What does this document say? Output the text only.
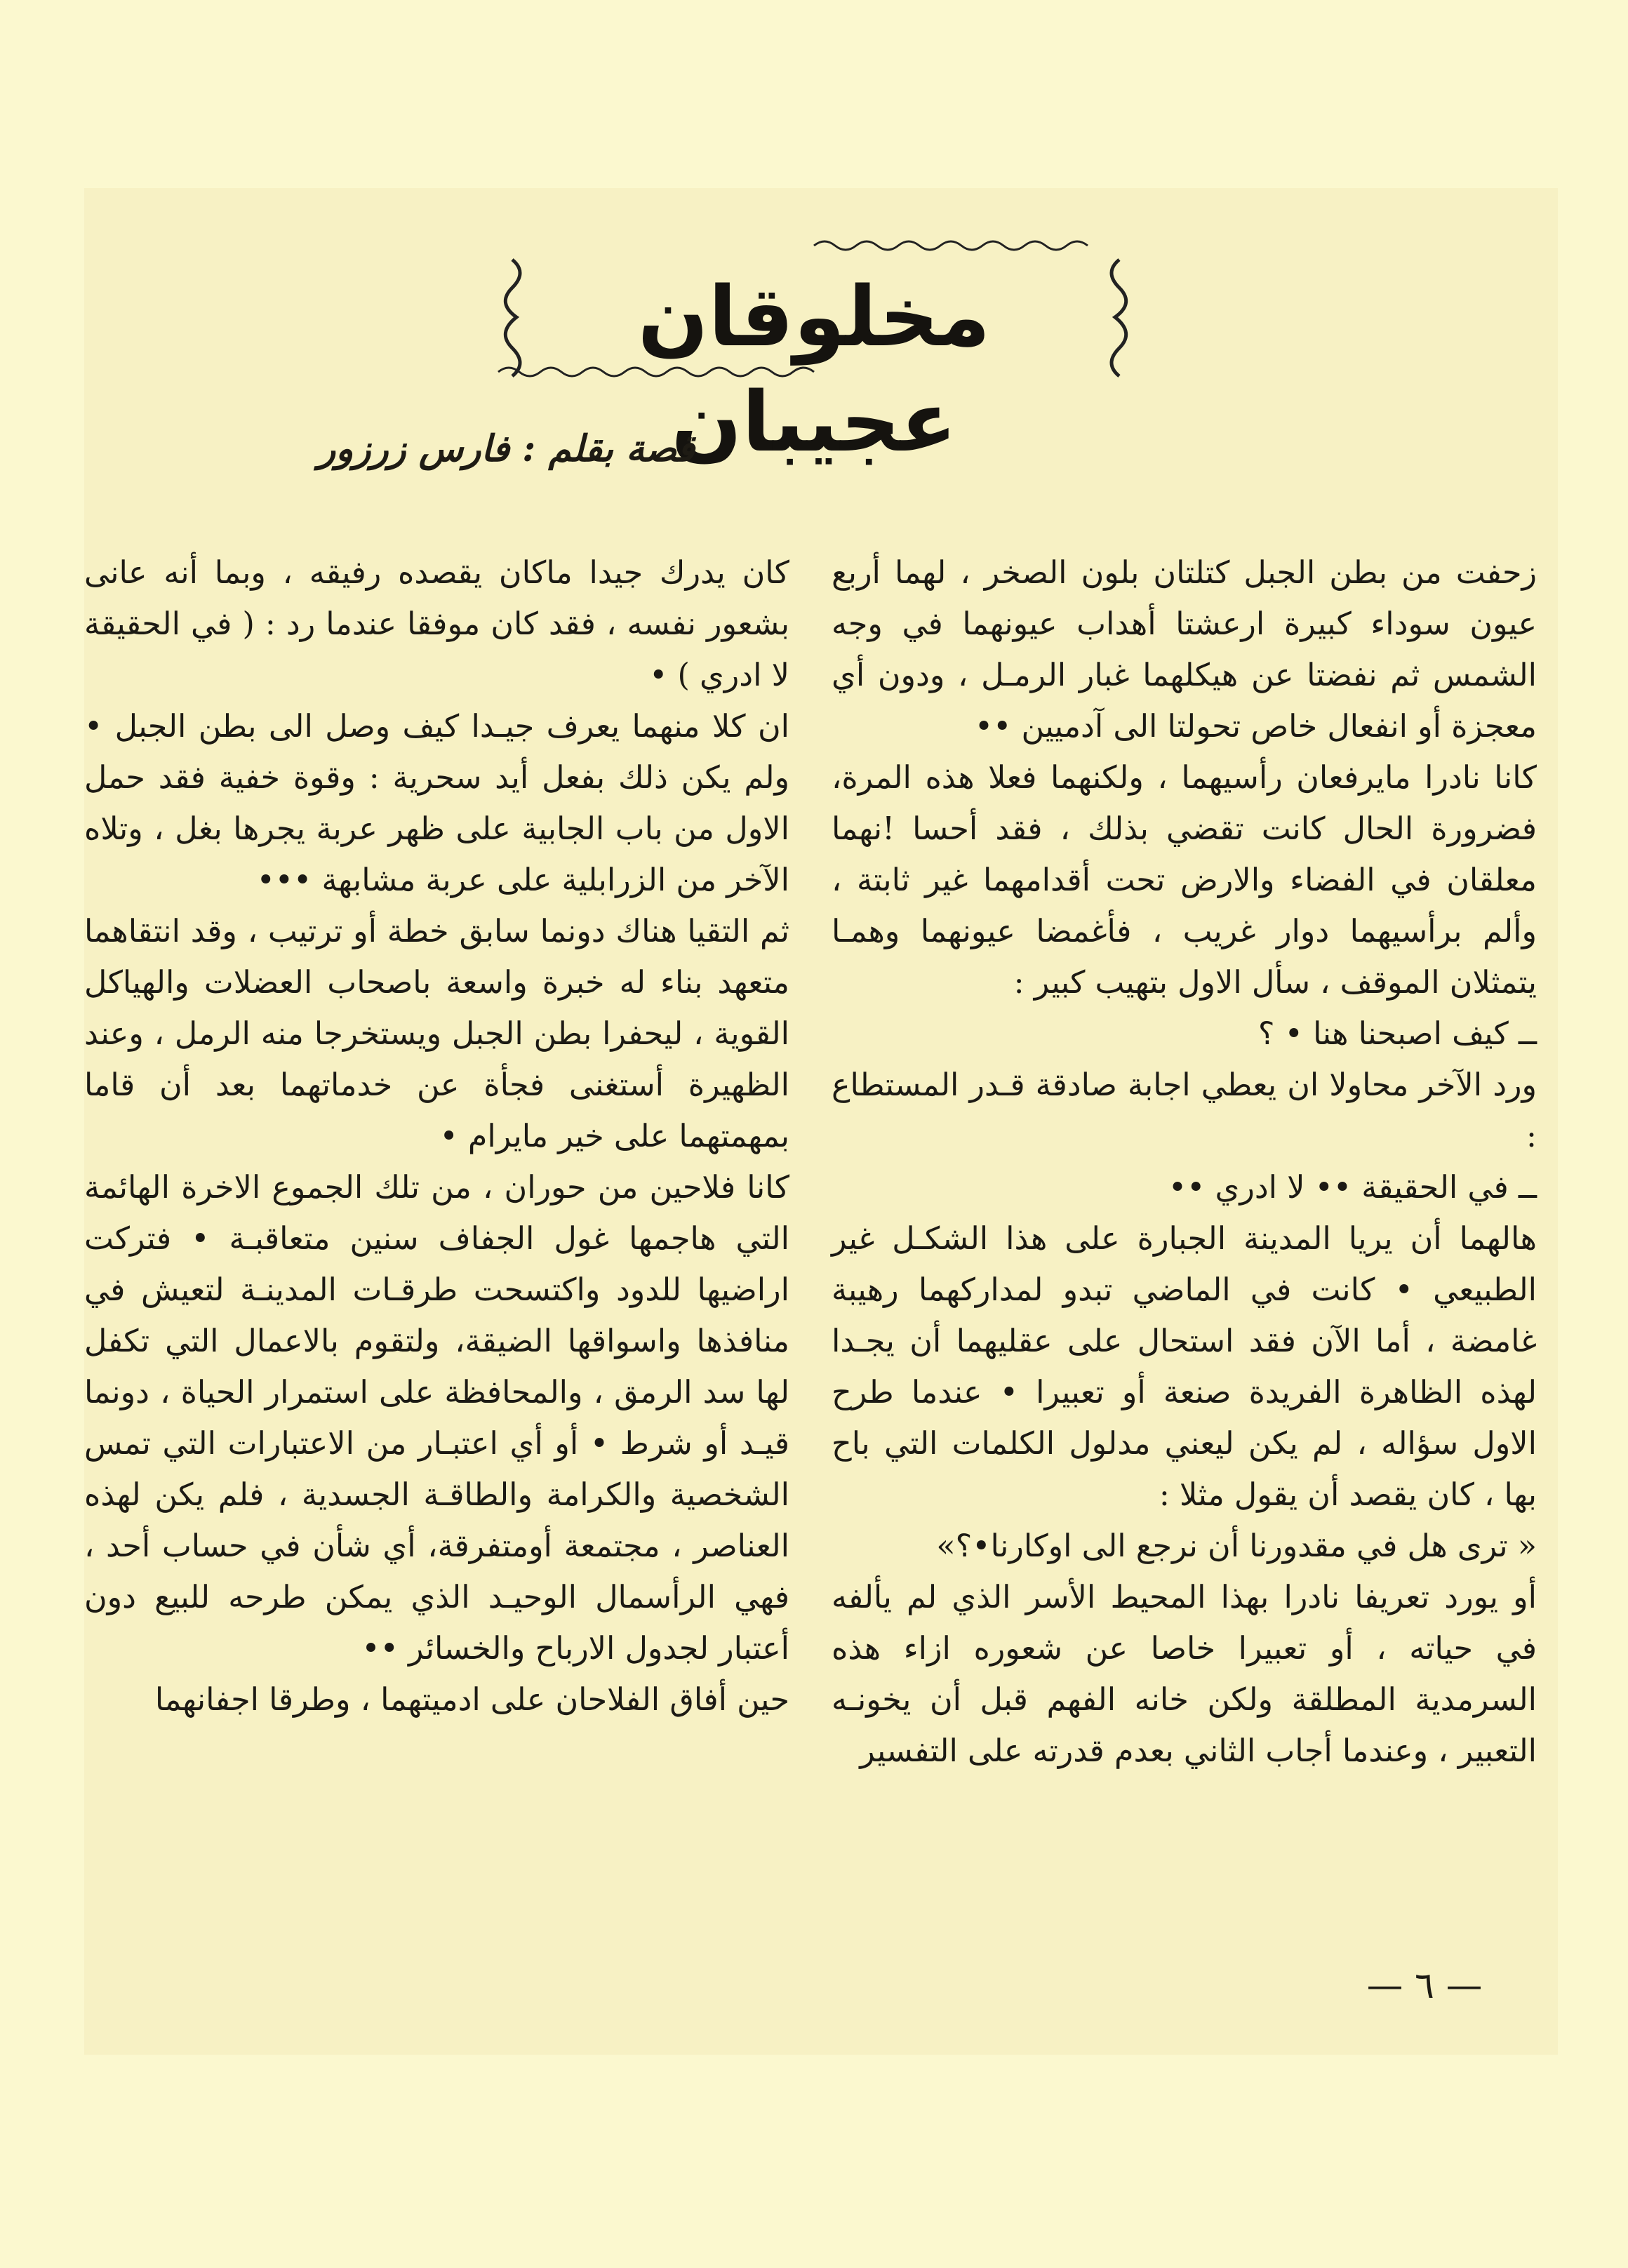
مخلوقان عجيبان
قصة بقلم : فارس زرزور

زحفت من بطن الجبل كتلتان بلون الصخر ، لهما أربع عيون سوداء كبيرة ارعشتا أهداب عيونهما في وجه الشمس ثم نفضتا عن هيكلهما غبار الرمـل ، ودون أي معجزة أو انفعال خاص تحولتا الى آدميين ••

كانا نادرا مايرفعان رأسيهما ، ولكنهما فعلا هذه المرة، فضرورة الحال كانت تقضي بذلك ، فقد أحسا !نهما معلقان في الفضاء والارض تحت أقدامهما غير ثابتة ، وألم برأسيهما دوار غريب ، فأغمضا عيونهما وهمـا يتمثلان الموقف ، سأل الاول بتهيب كبير :

ــ كيف اصبحنا هنا • ؟

ورد الآخر محاولا ان يعطي اجابة صادقة قـدر المستطاع :

ــ في الحقيقة •• لا ادري ••

هالهما أن يريا المدينة الجبارة على هذا الشكـل غير الطبيعي • كانت في الماضي تبدو لمداركهما رهيبة غامضة ، أما الآن فقد استحال على عقليهما أن يجـدا لهذه الظاهرة الفريدة صنعة أو تعبيرا • عندما طرح الاول سؤاله ، لم يكن ليعني مدلول الكلمات التي باح بها ، كان يقصد أن يقول مثلا :

« ترى هل في مقدورنا أن نرجع الى اوكارنا•؟»

أو يورد تعريفا نادرا بهذا المحيط الأسر الذي لم يألفه في حياته ، أو تعبيرا خاصا عن شعوره ازاء هذه السرمدية المطلقة ولكن خانه الفهم قبل أن يخونـه التعبير ، وعندما أجاب الثاني بعدم قدرته على التفسير

كان يدرك جيدا ماكان يقصده رفيقه ، وبما أنه عانى بشعور نفسه ، فقد كان موفقا عندما رد : ( في الحقيقة لا ادري ) •

ان كلا منهما يعرف جيـدا كيف وصل الى بطن الجبل • ولم يكن ذلك بفعل أيد سحرية : وقوة خفية فقد حمل الاول من باب الجابية على ظهر عربة يجرها بغل ، وتلاه الآخر من الزرابلية على عربة مشابهة •••

ثم التقيا هناك دونما سابق خطة أو ترتيب ، وقد انتقاهما متعهد بناء له خبرة واسعة باصحاب العضلات والهياكل القوية ، ليحفرا بطن الجبل ويستخرجا منه الرمل ، وعند الظهيرة أستغنى فجأة عن خدماتهما بعد أن قاما بمهمتهما على خير مايرام •

كانا فلاحين من حوران ، من تلك الجموع الاخرة الهائمة التي هاجمها غول الجفاف سنين متعاقبـة • فتركت اراضيها للدود واكتسحت طرقـات المدينـة لتعيش في منافذها واسواقها الضيقة، ولتقوم بالاعمال التي تكفل لها سد الرمق ، والمحافظة على استمرار الحياة ، دونما قيـد أو شرط • أو أي اعتبـار من الاعتبارات التي تمس الشخصية والكرامة والطاقـة الجسدية ، فلم يكن لهذه العناصر ، مجتمعة أومتفرقة، أي شأن في حساب أحد ، فهي الرأسمال الوحيـد الذي يمكن طرحه للبيع دون أعتبار لجدول الارباح والخسائر ••

حين أفاق الفلاحان على ادميتهما ، وطرقا اجفانهما

— ٦ —
